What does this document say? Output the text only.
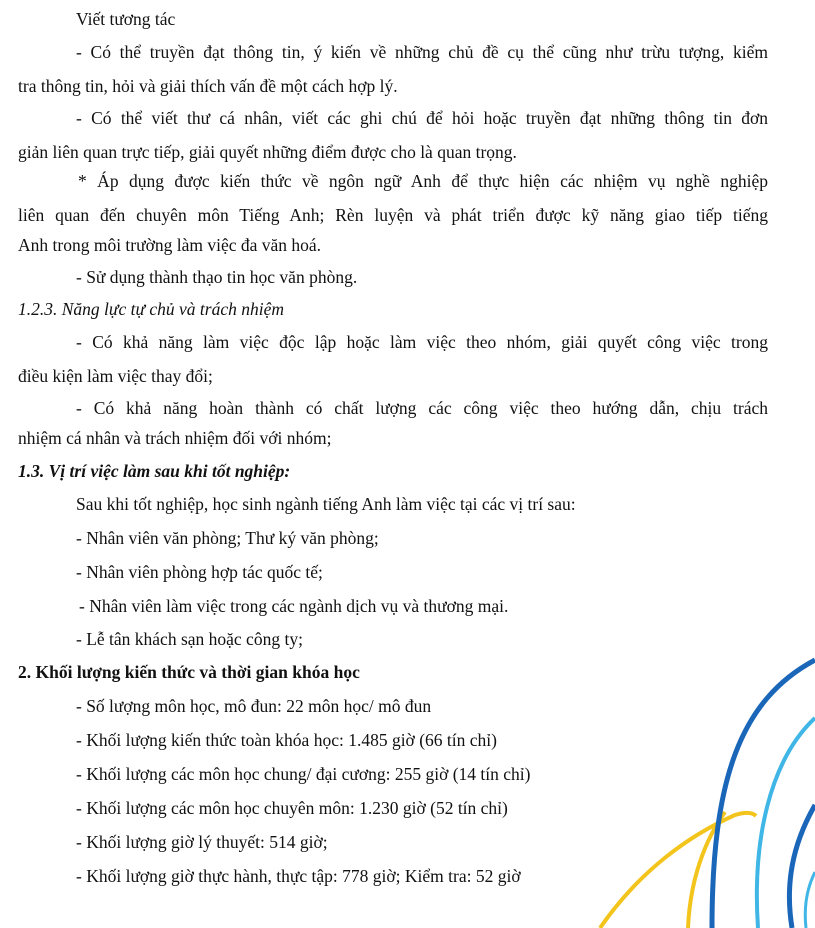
Viết tương tác
- Có thể truyền đạt thông tin, ý kiến về những chủ đề cụ thể cũng như trừu tượng, kiểm
tra thông tin, hỏi và giải thích vấn đề một cách hợp lý.
- Có thể viết thư cá nhân, viết các ghi chú để hỏi hoặc truyền đạt những thông tin đơn
giản liên quan trực tiếp, giải quyết những điểm được cho là quan trọng.
* Áp dụng được kiến thức về ngôn ngữ Anh để thực hiện các nhiệm vụ nghề nghiệp
liên quan đến chuyên môn Tiếng Anh; Rèn luyện và phát triển được kỹ năng giao tiếp tiếng
Anh trong môi trường làm việc đa văn hoá.
- Sử dụng thành thạo tin học văn phòng.
1.2.3. Năng lực tự chủ và trách nhiệm
- Có khả năng làm việc độc lập hoặc làm việc theo nhóm, giải quyết công việc trong
điều kiện làm việc thay đổi;
- Có khả năng hoàn thành có chất lượng các công việc theo hướng dẫn, chịu trách
nhiệm cá nhân và trách nhiệm đối với nhóm;
1.3. Vị trí việc làm sau khi tốt nghiệp:
Sau khi tốt nghiệp, học sinh ngành tiếng Anh làm việc tại các vị trí sau:
- Nhân viên văn phòng; Thư ký văn phòng;
- Nhân viên phòng hợp tác quốc tế;
- Nhân viên làm việc trong các ngành dịch vụ và thương mại.
- Lễ tân khách sạn hoặc công ty;
2. Khối lượng kiến thức và thời gian khóa học
- Số lượng môn học, mô đun: 22 môn học/ mô đun
- Khối lượng kiến thức toàn khóa học: 1.485 giờ (66 tín chỉ)
- Khối lượng các môn học chung/ đại cương: 255 giờ (14 tín chỉ)
- Khối lượng các môn học chuyên môn: 1.230 giờ (52 tín chỉ)
- Khối lượng giờ lý thuyết: 514 giờ;
- Khối lượng giờ thực hành, thực tập: 778 giờ; Kiểm tra: 52 giờ
